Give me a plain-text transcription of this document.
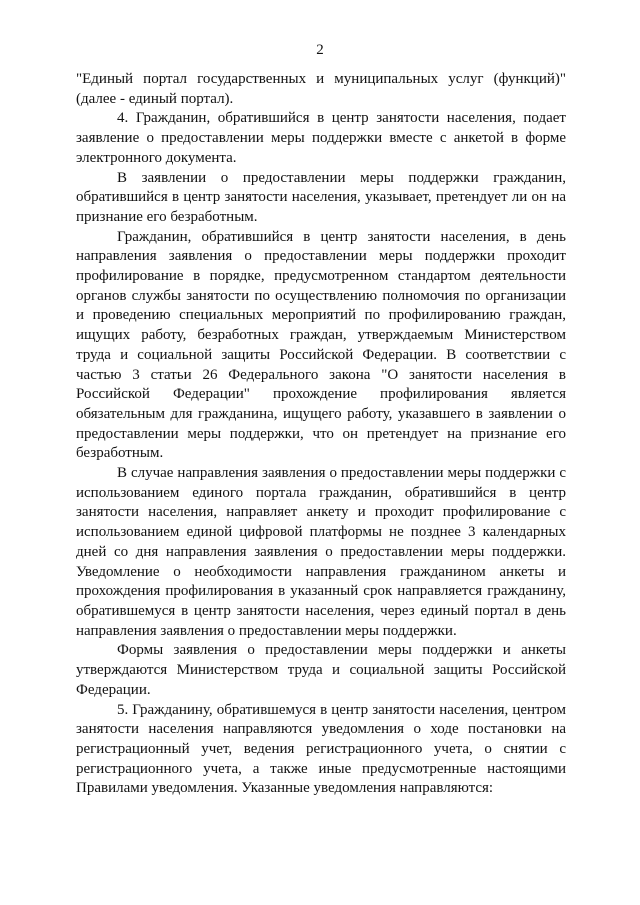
2

"Единый портал государственных и муниципальных услуг (функций)" (далее - единый портал).

4. Гражданин, обратившийся в центр занятости населения, подает заявление о предоставлении меры поддержки вместе с анкетой в форме электронного документа.

В заявлении о предоставлении меры поддержки гражданин, обратившийся в центр занятости населения, указывает, претендует ли он на признание его безработным.

Гражданин, обратившийся в центр занятости населения, в день направления заявления о предоставлении меры поддержки проходит профилирование в порядке, предусмотренном стандартом деятельности органов службы занятости по осуществлению полномочия по организации и проведению специальных мероприятий по профилированию граждан, ищущих работу, безработных граждан, утверждаемым Министерством труда и социальной защиты Российской Федерации. В соответствии с частью 3 статьи 26 Федерального закона "О занятости населения в Российской Федерации" прохождение профилирования является обязательным для гражданина, ищущего работу, указавшего в заявлении о предоставлении меры поддержки, что он претендует на признание его безработным.

В случае направления заявления о предоставлении меры поддержки с использованием единого портала гражданин, обратившийся в центр занятости населения, направляет анкету и проходит профилирование с использованием единой цифровой платформы не позднее 3 календарных дней со дня направления заявления о предоставлении меры поддержки. Уведомление о необходимости направления гражданином анкеты и прохождения профилирования в указанный срок направляется гражданину, обратившемуся в центр занятости населения, через единый портал в день направления заявления о предоставлении меры поддержки.

Формы заявления о предоставлении меры поддержки и анкеты утверждаются Министерством труда и социальной защиты Российской Федерации.

5. Гражданину, обратившемуся в центр занятости населения, центром занятости населения направляются уведомления о ходе постановки на регистрационный учет, ведения регистрационного учета, о снятии с регистрационного учета, а также иные предусмотренные настоящими Правилами уведомления. Указанные уведомления направляются:
